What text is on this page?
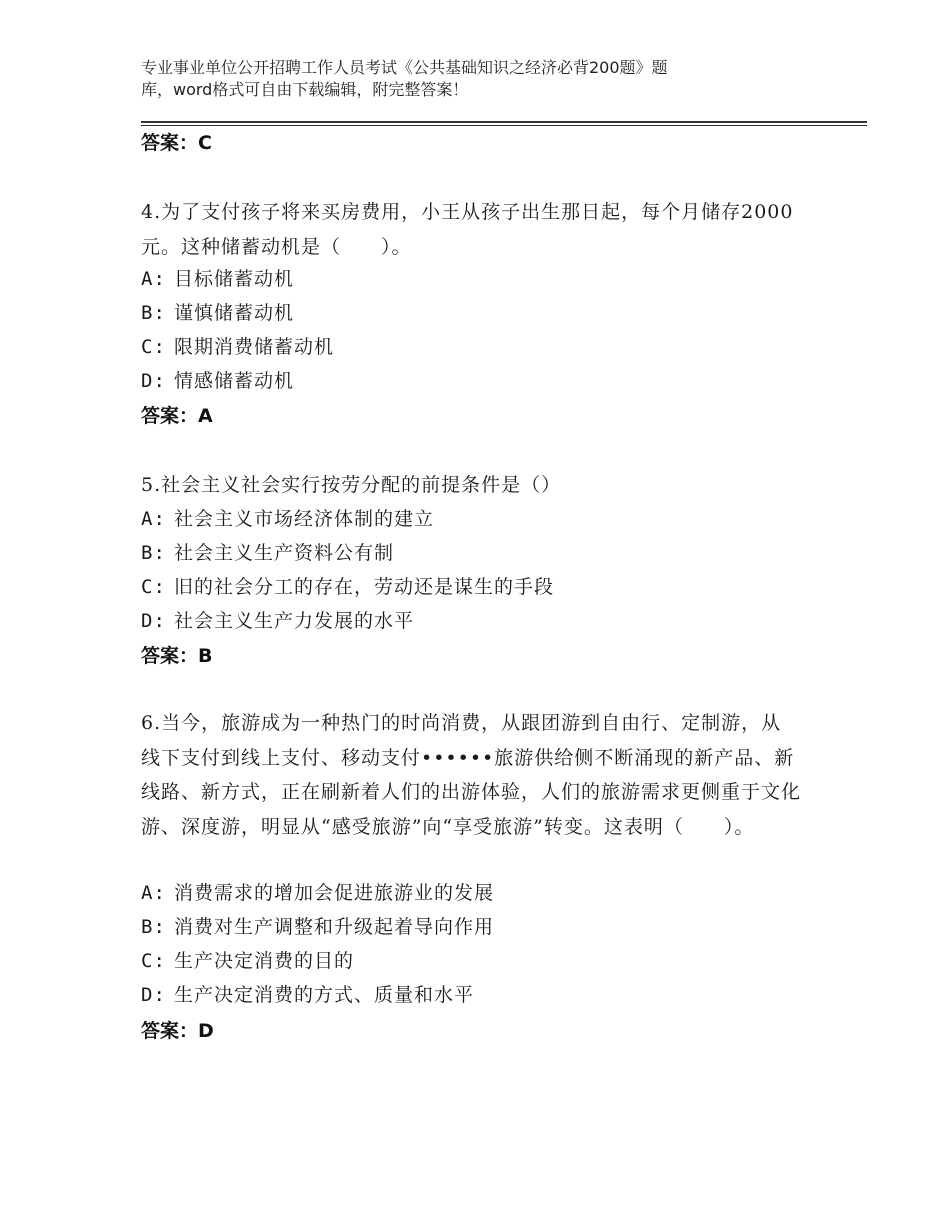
专业事业单位公开招聘工作人员考试《公共基础知识之经济必背200题》题
库，word格式可自由下载编辑，附完整答案！
答案：C
4.为了支付孩子将来买房费用，小王从孩子出生那日起，每个月储存2000元。这种储蓄动机是（　　）。
A: 目标储蓄动机
B: 谨慎储蓄动机
C: 限期消费储蓄动机
D: 情感储蓄动机
答案：A
5.社会主义社会实行按劳分配的前提条件是（）
A: 社会主义市场经济体制的建立
B: 社会主义生产资料公有制
C: 旧的社会分工的存在，劳动还是谋生的手段
D: 社会主义生产力发展的水平
答案：B
6.当今，旅游成为一种热门的时尚消费，从跟团游到自由行、定制游，从线下支付到线上支付、移动支付••••••旅游供给侧不断涌现的新产品、新线路、新方式，正在刷新着人们的出游体验，人们的旅游需求更侧重于文化游、深度游，明显从“感受旅游”向“享受旅游”转变。这表明（　　）。
A: 消费需求的增加会促进旅游业的发展
B: 消费对生产调整和升级起着导向作用
C: 生产决定消费的目的
D: 生产决定消费的方式、质量和水平
答案：D
